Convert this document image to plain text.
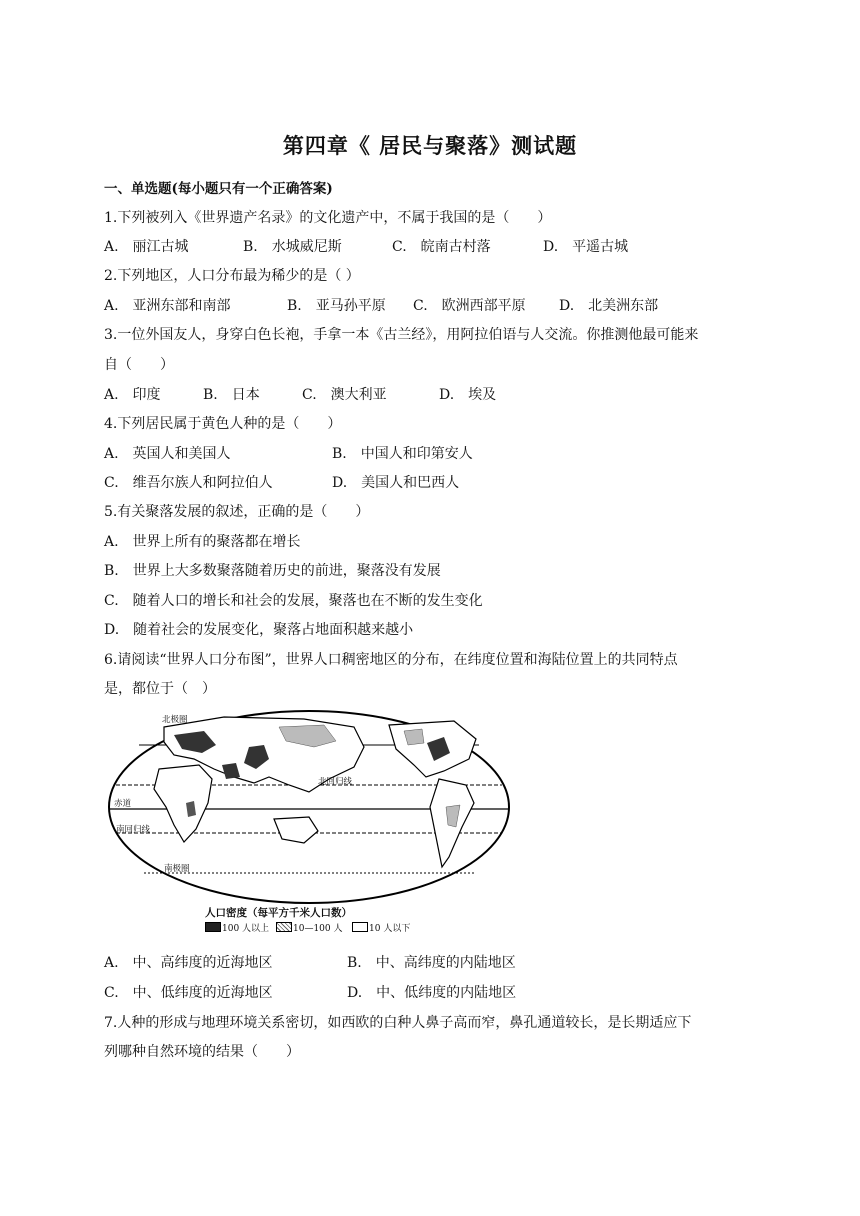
第四章《 居民与聚落》测试题
一、单选题(每小题只有一个正确答案)
1.下列被列入《世界遗产名录》的文化遗产中，不属于我国的是（　　）
A.　丽江古城	B.　水城威尼斯	C.　皖南古村落	D.　平遥古城
2.下列地区，人口分布最为稀少的是（ ）
A.　亚洲东部和南部	B.　亚马孙平原 C.　欧洲西部平原 D.　北美洲东部
3.一位外国友人，身穿白色长袍，手拿一本《古兰经》，用阿拉伯语与人交流。你推测他最可能来
自（　　）
A.　印度	B.　日本	C.　澳大利亚	D.　埃及
4.下列居民属于黄色人种的是（　　）
A.　英国人和美国人	B.　中国人和印第安人
C.　维吾尔族人和阿拉伯人	D.　美国人和巴西人
5.有关聚落发展的叙述，正确的是（　　）
A.　世界上所有的聚落都在增长
B.　世界上大多数聚落随着历史的前进，聚落没有发展
C.　随着人口的增长和社会的发展，聚落也在不断的发生变化
D.　随着社会的发展变化，聚落占地面积越来越小
6.请阅读“世界人口分布图”，世界人口稠密地区的分布，在纬度位置和海陆位置上的共同特点
是，都位于（　）
北极圈
北回归线
赤道
南回归线
南极圈
人口密度（每平方千米人口数）
100 人以上	10—100 人	10 人以下
A.　中、高纬度的近海地区	B.　中、高纬度的内陆地区
C.　中、低纬度的近海地区	D.　中、低纬度的内陆地区
7.人种的形成与地理环境关系密切，如西欧的白种人鼻子高而窄，鼻孔通道较长，是长期适应下
列哪种自然环境的结果（　　）
